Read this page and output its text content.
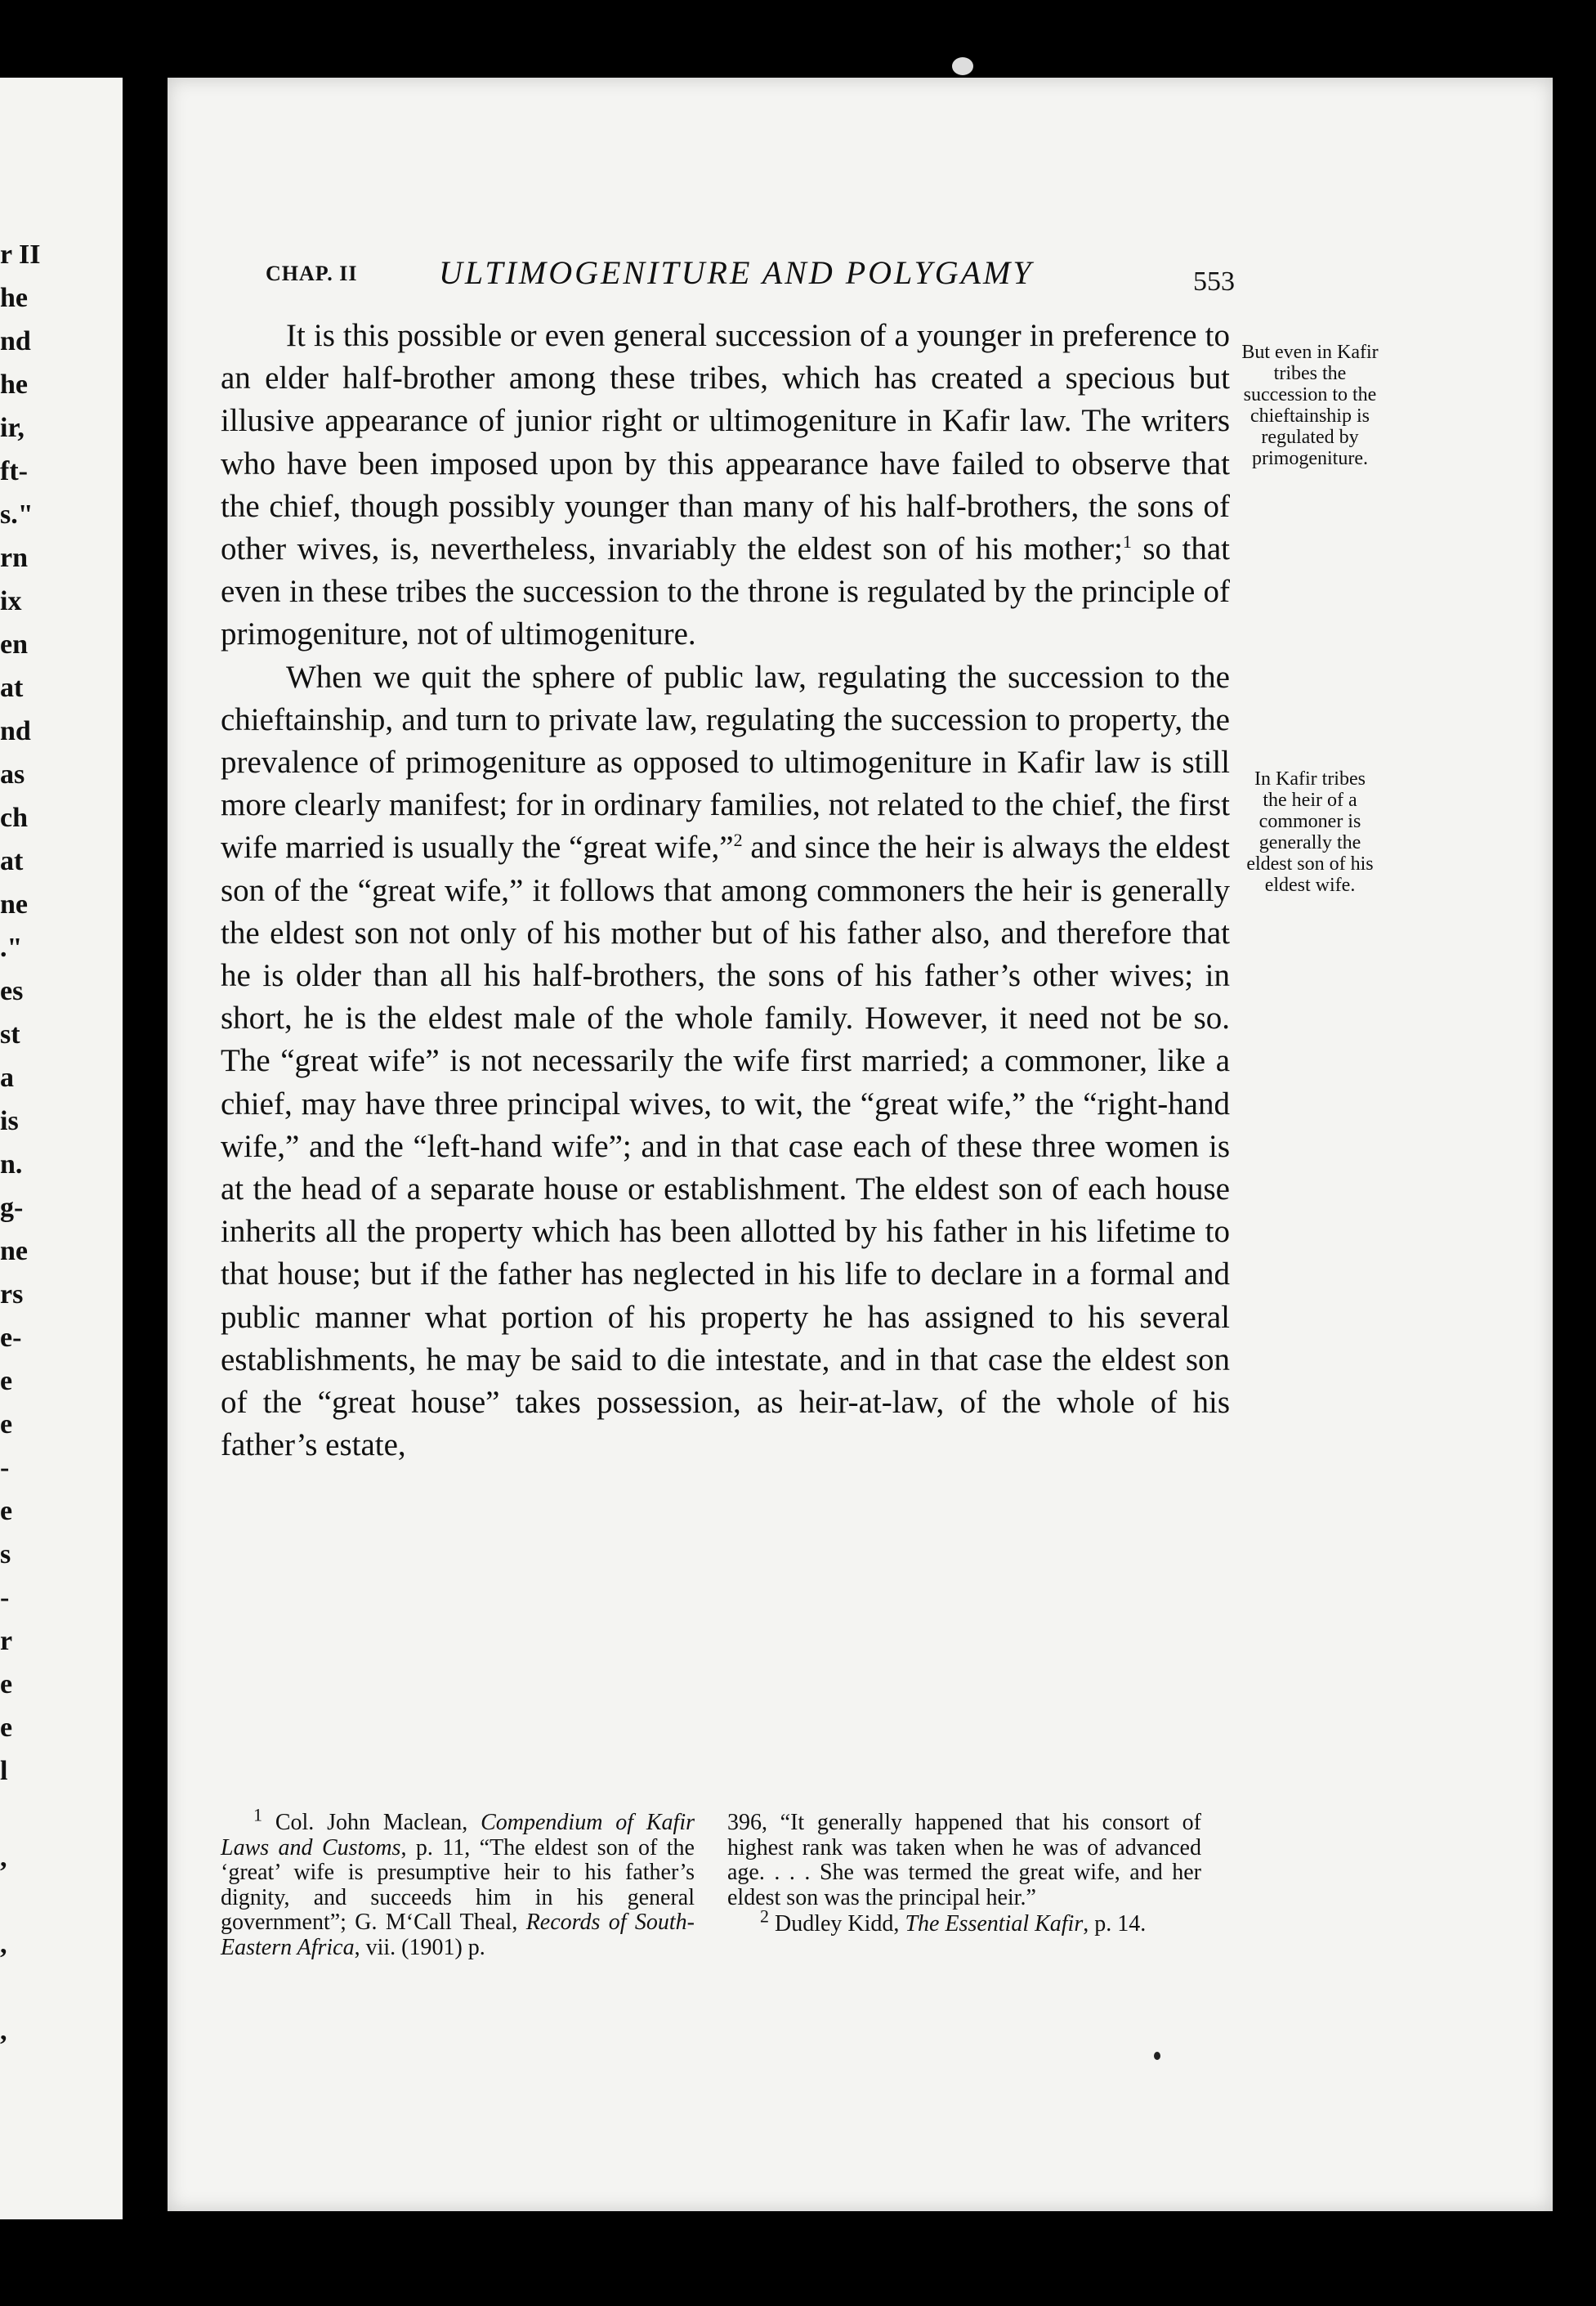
r II
he
nd
he
ir,
ft-
s."
rn
ix
en
at
nd
as
ch
at
ne
."
es
st
a
is
n.
g-
ne
rs
e-
e
e
-
e
s
-
r
e
e
l
,
,
,
CHAP. II ULTIMOGENITURE AND POLYGAMY	553

It is this possible or even general succession of a younger in preference to an elder half-brother among these tribes, which has created a specious but illusive appearance of junior right or ultimogeniture in Kafir law. The writers who have been imposed upon by this appearance have failed to observe that the chief, though possibly younger than many of his half-brothers, the sons of other wives, is, nevertheless, invariably the eldest son of his mother;$^1$ so that even in these tribes the succession to the throne is regulated by the principle of primogeniture, not of ultimogeniture.

When we quit the sphere of public law, regulating the succession to the chieftainship, and turn to private law, regulating the succession to property, the prevalence of primogeniture as opposed to ultimogeniture in Kafir law is still more clearly manifest; for in ordinary families, not related to the chief, the first wife married is usually the “great wife,”$^2$ and since the heir is always the eldest son of the “great wife,” it follows that among commoners the heir is generally the eldest son not only of his mother but of his father also, and therefore that he is older than all his half-brothers, the sons of his father’s other wives; in short, he is the eldest male of the whole family. However, it need not be so. The “great wife” is not necessarily the wife first married; a commoner, like a chief, may have three principal wives, to wit, the “great wife,” the “right-hand wife,” and the “left-hand wife”; and in that case each of these three women is at the head of a separate house or establishment. The eldest son of each house inherits all the property which has been allotted by his father in his lifetime to that house; but if the father has neglected in his life to declare in a formal and public manner what portion of his property he has assigned to his several establishments, he may be said to die intestate, and in that case the eldest son of the “great house” takes possession, as heir-at-law, of the whole of his father’s estate,

But even in Kafir tribes the succession to the chieftainship is regulated by primogeniture.
In Kafir tribes the heir of a commoner is generally the eldest son of his eldest wife.
$^1$ Col. John Maclean, Compendium of Kafir Laws and Customs, p. 11, “The eldest son of the ‘great’ wife is presumptive heir to his father’s dignity, and succeeds him in his general government”; G. M‘Call Theal, Records of South-Eastern Africa, vii. (1901) p.
396, “It generally happened that his consort of highest rank was taken when he was of advanced age. . . . She was termed the great wife, and her eldest son was the principal heir.”
$^2$ Dudley Kidd, The Essential Kafir, p. 14.
